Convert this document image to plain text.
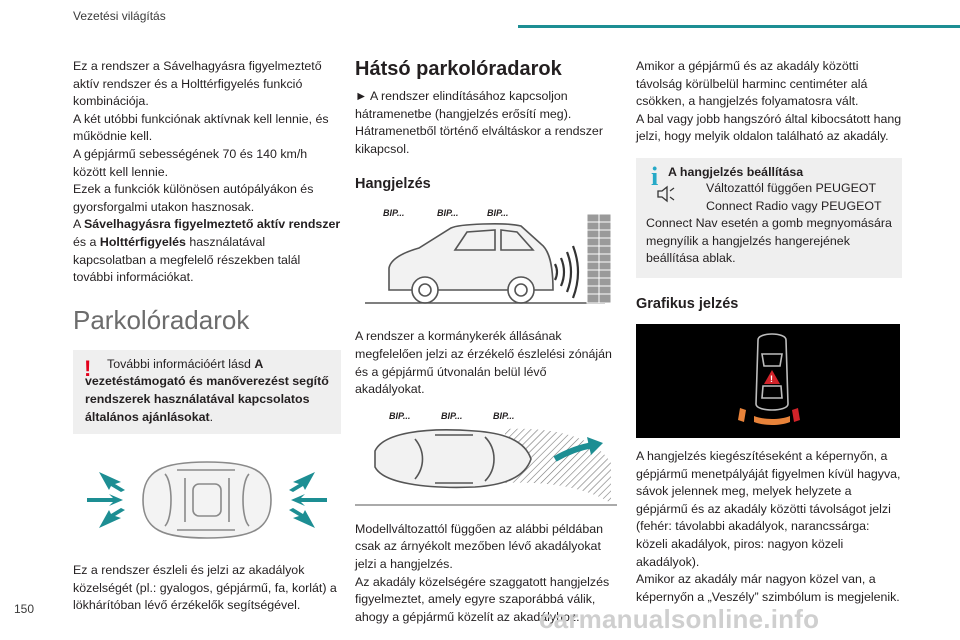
Vezetési világítás

Ez a rendszer a Sávelhagyásra figyelmeztető aktív rendszer és a Holttérfigyelés funkció kombinációja.

A két utóbbi funkciónak aktívnak kell lennie, és működnie kell.

A gépjármű sebességének 70 és 140 km/h között kell lennie.

Ezek a funkciók különösen autópályákon és gyorsforgalmi utakon hasznosak.

A Sávelhagyásra figyelmeztető aktív rendszer és a Holttérfigyelés használatával kapcsolatban a megfelelő részekben talál további információkat.

Parkolóradarok
!	További információért lásd A vezetéstámogató és manőverezést segítő rendszerek használatával kapcsolatos általános ajánlásokat.

Ez a rendszer észleli és jelzi az akadályok közelségét (pl.: gyalogos, gépjármű, fa, korlát) a lökhárítóban lévő érzékelők segítségével.

Hátsó parkolóradarok

► A rendszer elindításához kapcsoljon hátramenetbe (hangjelzés erősítí meg).

Hátramenetből történő elváltáskor a rendszer kikapcsol.

Hangjelzés
BIP...	BIP...	BIP...

A rendszer a kormánykerék állásának megfelelően jelzi az érzékelő észlelési zónáján és a gépjármű útvonalán belül lévő akadályokat.

BIP...	BIP...	BIP...

Modellváltozattól függően az alábbi példában csak az árnyékolt mezőben lévő akadályokat jelzi a hangjelzés.

Az akadály közelségére szaggatott hangjelzés figyelmeztet, amely egyre szaporábbá válik, ahogy a gépjármű közelít az akadályhoz.

Amikor a gépjármű és az akadály közötti távolság körülbelül harminc centiméter alá csökken, a hangjelzés folyamatosra vált.

A bal vagy jobb hangszóró által kibocsátott hang jelzi, hogy melyik oldalon található az akadály.

i A hangjelzés beállítása

Változattól függően PEUGEOT Connect Radio vagy PEUGEOT

Connect Nav esetén a gomb megnyomására megnyílik a hangjelzés hangerejének beállítása ablak.

Grafikus jelzés
!

A hangjelzés kiegészítéseként a képernyőn, a gépjármű menetpályáját figyelmen kívül hagyva, sávok jelennek meg, melyek helyzete a gépjármű és az akadály közötti távolságot jelzi (fehér: távolabbi akadályok, narancssárga: közeli akadályok, piros: nagyon közeli akadályok).

Amikor az akadály már nagyon közel van, a képernyőn a „Veszély” szimbólum is megjelenik.

150	carmanualsonline.info
